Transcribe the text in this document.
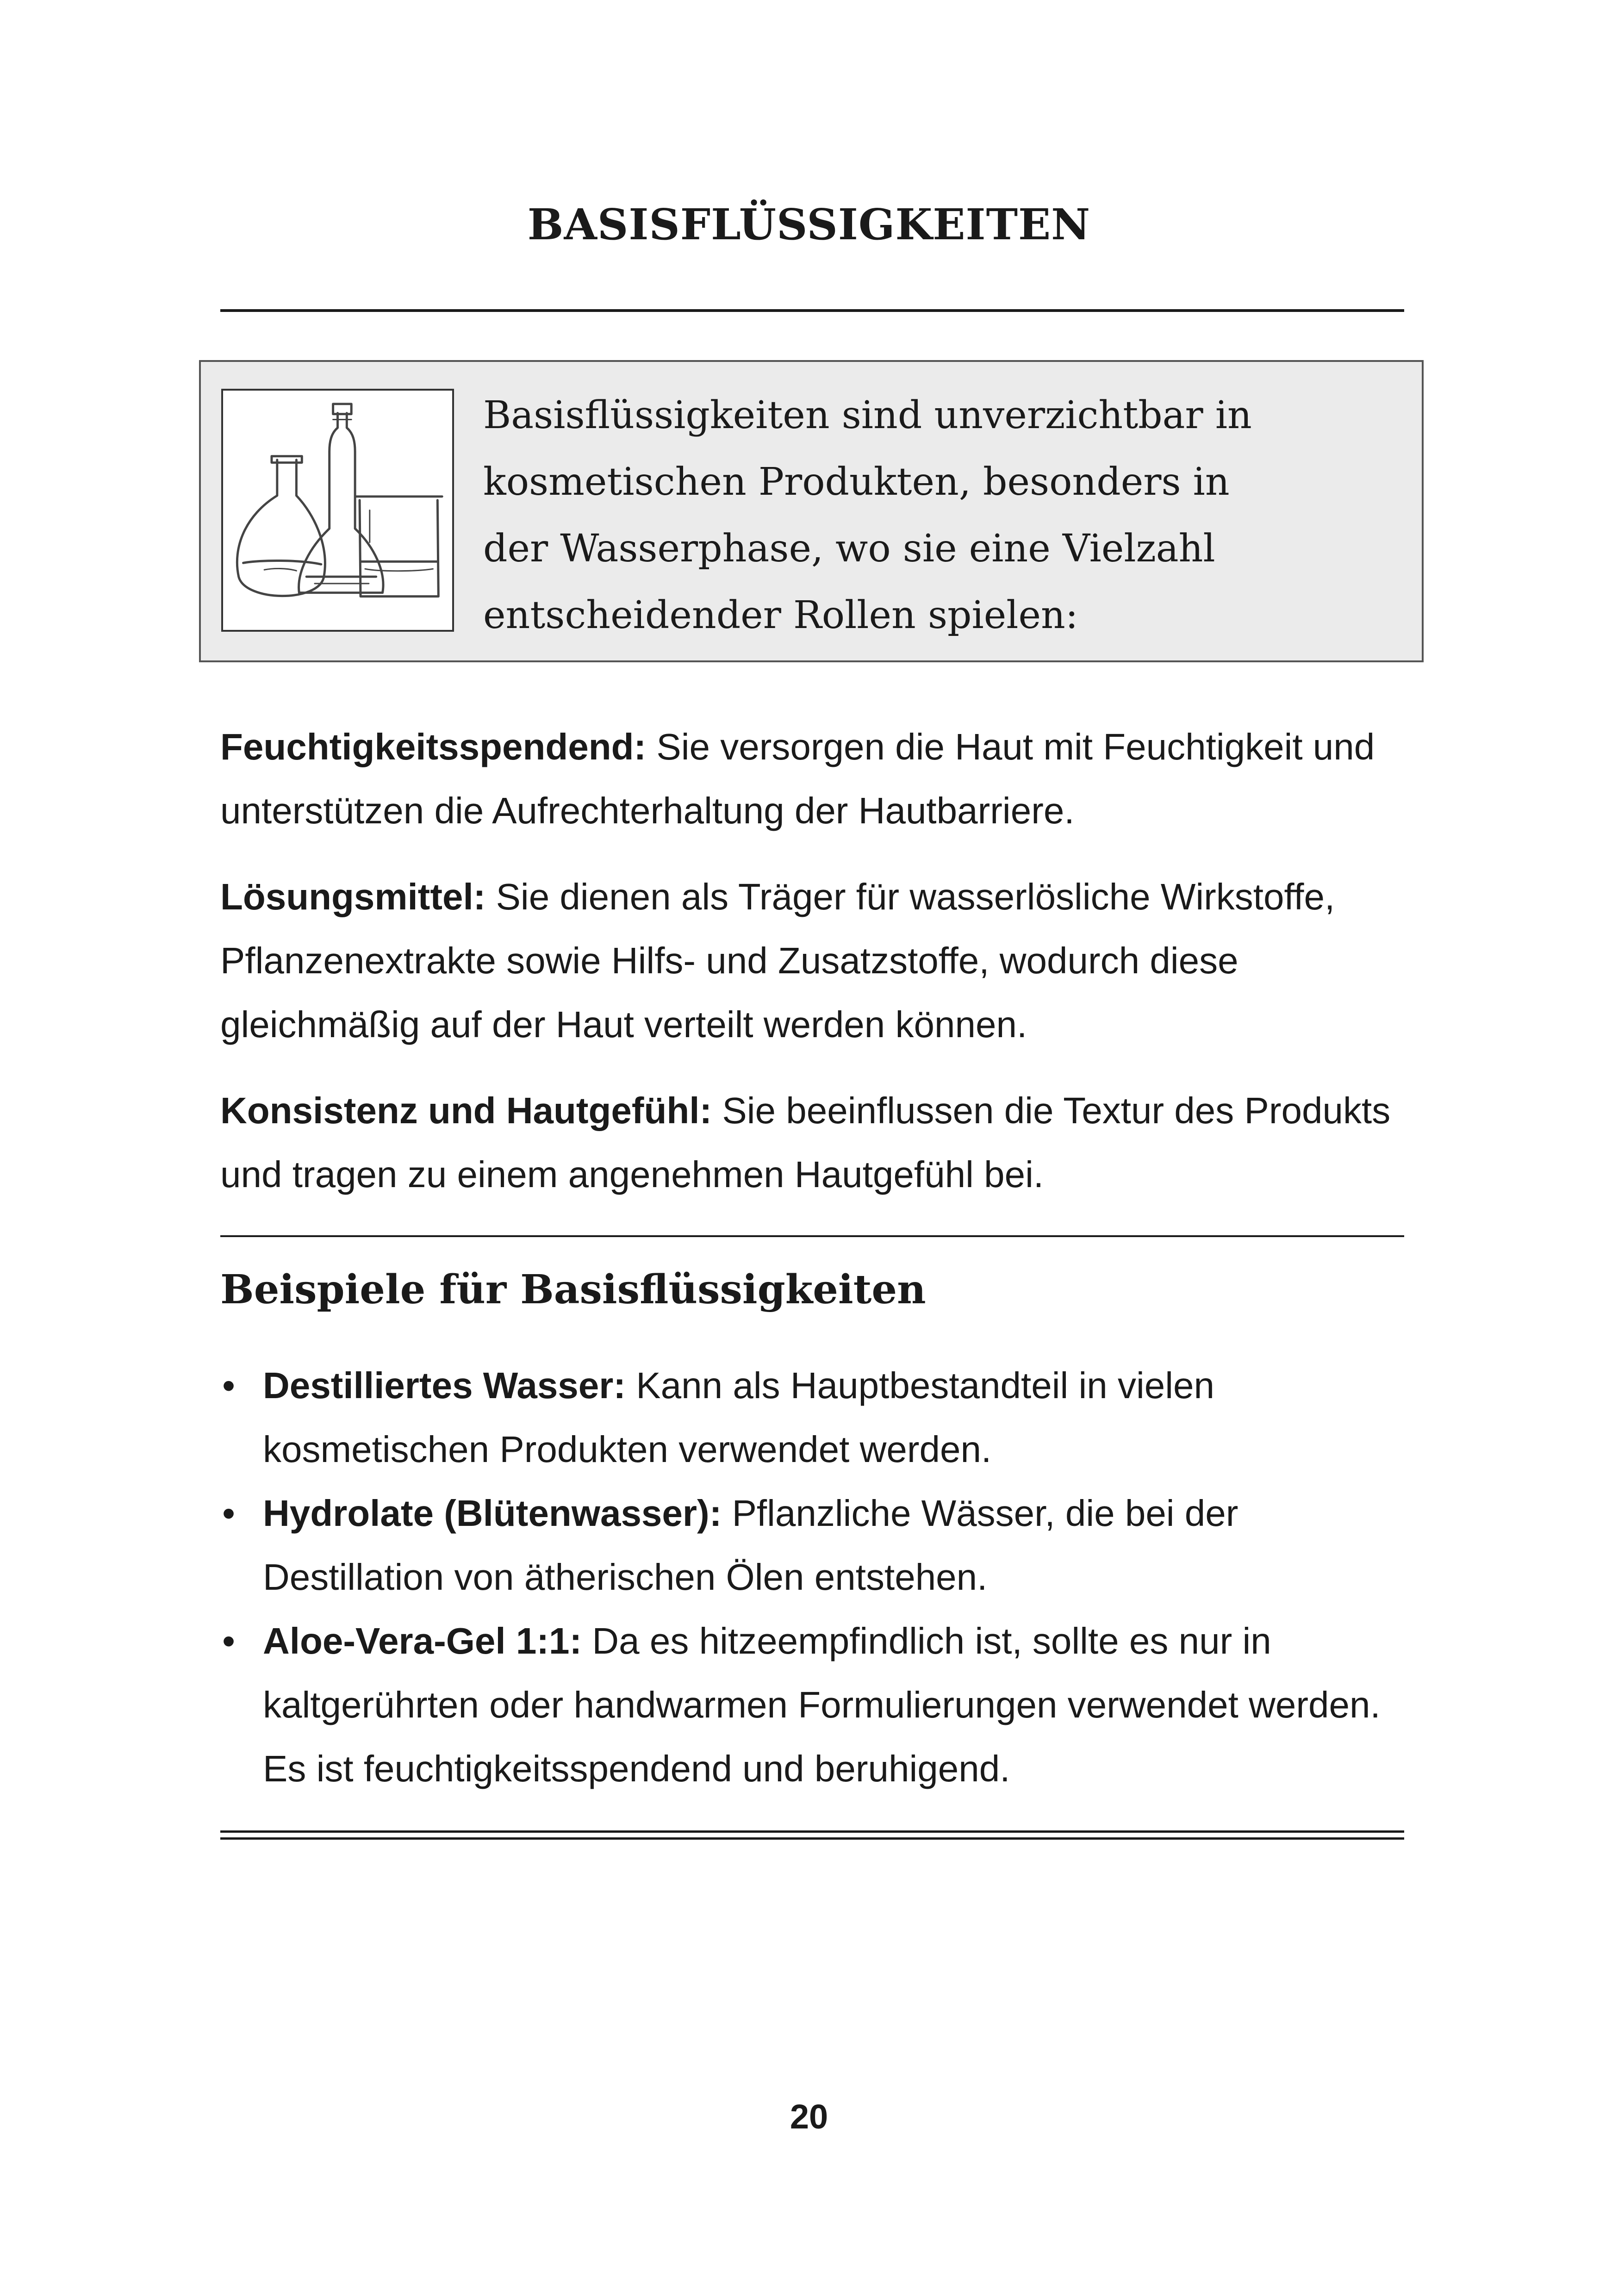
BASISFLÜSSIGKEITEN
Basisflüssigkeiten sind unverzichtbar in
kosmetischen Produkten, besonders in
der Wasserphase, wo sie eine Vielzahl
entscheidender Rollen spielen:

Feuchtigkeitsspendend: Sie versorgen die Haut mit Feuchtigkeit und unterstützen die Aufrechterhaltung der Hautbarriere.

Lösungsmittel: Sie dienen als Träger für wasserlösliche Wirkstoffe, Pflanzenextrakte sowie Hilfs- und Zusatzstoffe, wodurch diese gleichmäßig auf der Haut verteilt werden können.

Konsistenz und Hautgefühl: Sie beeinflussen die Textur des Produkts und tragen zu einem angenehmen Hautgefühl bei.

Beispiele für Basisflüssigkeiten
• Destilliertes Wasser: Kann als Hauptbestandteil in vielen kosmetischen Produkten verwendet werden.
• Hydrolate (Blütenwasser): Pflanzliche Wässer, die bei der Destillation von ätherischen Ölen entstehen.
• Aloe-Vera-Gel 1:1: Da es hitzeempfindlich ist, sollte es nur in kaltgerührten oder handwarmen Formulierungen verwendet werden. Es ist feuchtigkeitsspendend und beruhigend.
20
